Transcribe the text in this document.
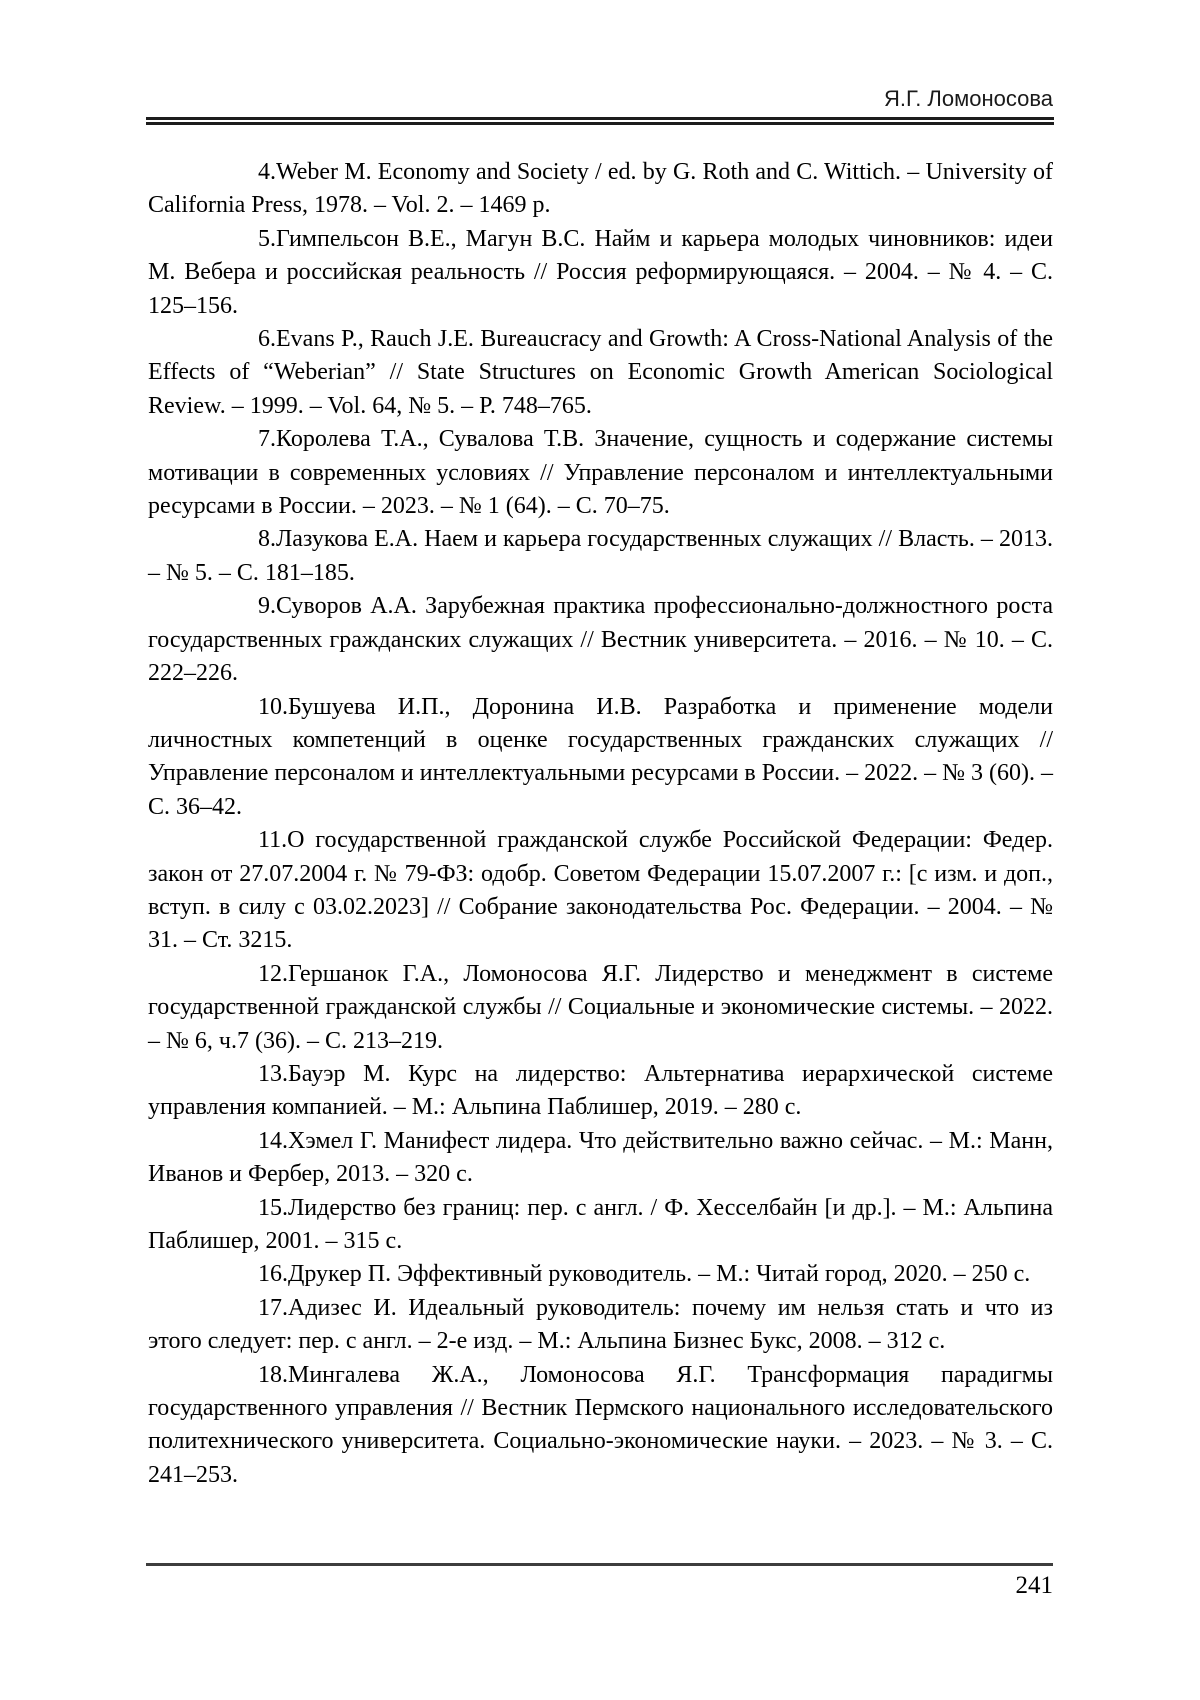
Я.Г. Ломоносова

4.Weber M. Economy and Society / ed. by G. Roth and C. Wittich. – University of California Press, 1978. – Vol. 2. – 1469 p.

5.Гимпельсон В.Е., Магун В.С. Найм и карьера молодых чиновников: идеи М. Вебера и российская реальность // Россия реформирующаяся. – 2004. – № 4. – С. 125–156.

6.Evans P., Rauch J.E. Bureaucracy and Growth: A Cross-National Analysis of the Effects of “Weberian” // State Structures on Economic Growth American Sociological Review. – 1999. – Vol. 64, № 5. – P. 748–765.

7.Королева Т.А., Сувалова Т.В. Значение, сущность и содержание системы мотивации в современных условиях // Управление персоналом и интеллектуальными ресурсами в России. – 2023. – № 1 (64). – С. 70–75.

8.Лазукова Е.А. Наем и карьера государственных служащих // Власть. – 2013. – № 5. – С. 181–185.

9.Суворов А.А. Зарубежная практика профессионально-должностного роста государственных гражданских служащих // Вестник университета. – 2016. – № 10. – С. 222–226.

10.Бушуева И.П., Доронина И.В. Разработка и применение модели личностных компетенций в оценке государственных гражданских служащих // Управление персоналом и интеллектуальными ресурсами в России. – 2022. – № 3 (60). – С. 36–42.

11.О государственной гражданской службе Российской Федерации: Федер. закон от 27.07.2004 г. № 79-ФЗ: одобр. Советом Федерации 15.07.2007 г.: [с изм. и доп., вступ. в силу с 03.02.2023] // Собрание законодательства Рос. Федерации. – 2004. – № 31. – Ст. 3215.

12.Гершанок Г.А., Ломоносова Я.Г. Лидерство и менеджмент в системе государственной гражданской службы // Социальные и экономические системы. – 2022. – № 6, ч.7 (36). – С. 213–219.

13.Бауэр М. Курс на лидерство: Альтернатива иерархической системе управления компанией. – М.: Альпина Паблишер, 2019. – 280 с.

14.Хэмел Г. Манифест лидера. Что действительно важно сейчас. – М.: Манн, Иванов и Фербер, 2013. – 320 с.

15.Лидерство без границ: пер. с англ. / Ф. Хесселбайн [и др.]. – М.: Альпина Паблишер, 2001. – 315 с.

16.Друкер П. Эффективный руководитель. – М.: Читай город, 2020. – 250 с.

17.Адизес И. Идеальный руководитель: почему им нельзя стать и что из этого следует: пер. с англ. – 2-е изд. – М.: Альпина Бизнес Букс, 2008. – 312 с.

18.Мингалева Ж.А., Ломоносова Я.Г. Трансформация парадигмы государственного управления // Вестник Пермского национального исследовательского политехнического университета. Социально-экономические науки. – 2023. – № 3. – С. 241–253.

241
